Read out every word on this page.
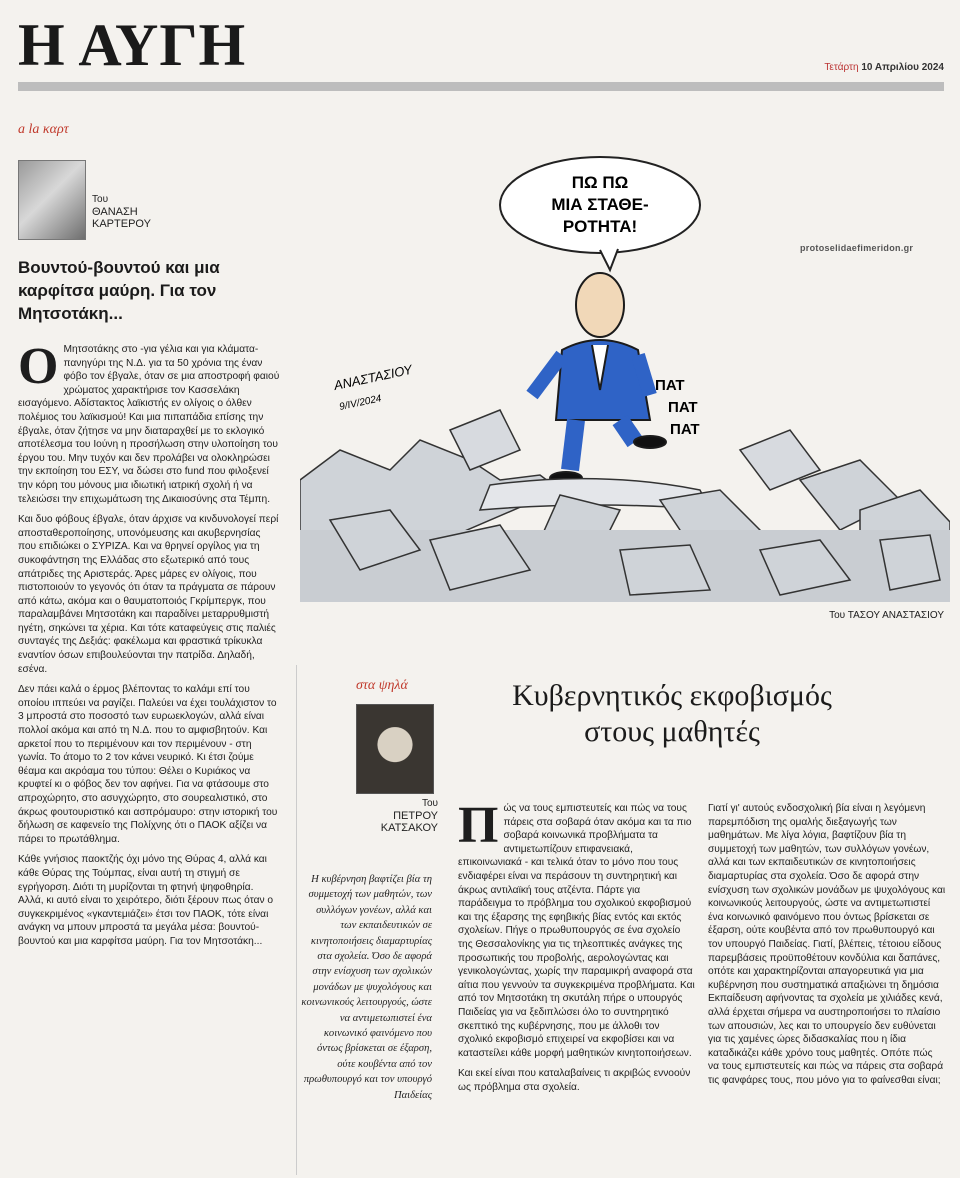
Η ΑΥΓΗ	Τετάρτη 10 Απριλίου 2024
a la καρτ
Του
ΘΑΝΑΣΗ
ΚΑΡΤΕΡΟΥ
Βουντού-βουντού και μια καρφίτσα μαύρη. Για τον Μητσοτάκη...

Ο Μητσοτάκης στο -για γέλια και για κλάματα- πανηγύρι της Ν.Δ. για τα 50 χρόνια της έναν φόβο τον έβγαλε, όταν σε μια αποστροφή φαιού χρώματος χαρακτήρισε τον Κασσελάκη εισαγόμενο. Αδίστακτος λαϊκιστής εν ολίγοις ο όλθεν πολέμιος του λαϊκισμού! Και μια πιπαπάδια επίσης την έβγαλε, όταν ζήτησε να μην διαταραχθεί με το εκλογικό αποτέλεσμα του Ιούνη η προσήλωση στην υλοποίηση του έργου του. Μην τυχόν και δεν προλάβει να ολοκληρώσει την εκποίηση του ΕΣΥ, να δώσει στο fund που φιλοξενεί την κόρη του μόνους μια ιδιωτική ιατρική σχολή ή να τελειώσει την επιχωμάτωση της Δικαιοσύνης στα Τέμπη.

Και δυο φόβους έβγαλε, όταν άρχισε να κινδυνολογεί περί αποσταθεροποίησης, υπονόμευσης και ακυβερνησίας που επιδιώκει ο ΣΥΡΙΖΑ. Και να θρηνεί οργίλος για τη συκοφάντηση της Ελλάδας στο εξωτερικό από τους απάτριδες της Αριστεράς. Άρες μάρες εν ολίγοις, που πιστοποιούν το γεγονός ότι όταν τα πράγματα σε πάρουν από κάτω, ακόμα και ο θαυματοποιός Γκρίμπεργκ, που παραλαμβάνει Μητσοτάκη και παραδίνει μεταρρυθμιστή ηγέτη, σηκώνει τα χέρια. Και τότε καταφεύγεις στις παλιές συνταγές της Δεξιάς: φακέλωμα και φραστικά τρίκυκλα εναντίον όσων επιβουλεύονται την πατρίδα. Δηλαδή, εσένα.

Δεν πάει καλά ο έρμος βλέποντας το καλάμι επί του οποίου ιππεύει να ραγίζει. Παλεύει να έχει τουλάχιστον το 3 μπροστά στο ποσοστό των ευρωεκλογών, αλλά είναι πολλοί ακόμα και από τη Ν.Δ. που το αμφισβητούν. Και αρκετοί που το περιμένουν και τον περιμένουν - στη γωνία. Το άτομο το 2 τον κάνει νευρικό. Κι έτσι ζούμε θέαμα και ακρόαμα του τύπου: Θέλει ο Κυριάκος να κρυφτεί κι ο φόβος δεν τον αφήνει. Για να φτάσουμε στο απροχώρητο, στο ασυγχώρητο, στο σουρεαλιστικό, στο άκρως φουτουριστικό και ασπρόμαυρο: στην ιστορική του δήλωση σε καφενείο της Πολίχνης ότι ο ΠΑΟΚ αξίζει να πάρει το πρωτάθλημα.

Κάθε γνήσιος παοκτζής όχι μόνο της Θύρας 4, αλλά και κάθε Θύρας της Τούμπας, είναι αυτή τη στιγμή σε εγρήγορση. Διότι τη μυρίζονται τη φτηνή ψηφοθηρία. Αλλά, κι αυτό είναι το χειρότερο, διότι ξέρουν πως όταν ο συγκεκριμένος «γκαντεμιάζει» έτσι τον ΠΑΟΚ, τότε είναι ανάγκη να μπουν μπροστά τα μεγάλα μέσα: βουντού-βουντού και μια καρφίτσα μαύρη. Για τον Μητσοτάκη...

protoselidaefimeridon.gr
ΠΩ ΠΩ
ΜΙΑ ΣΤΑΘΕ-
ΡΟΤΗΤΑ!
ΠΑΤ
ΠΑΤ
ΠΑΤ
ΑΝΑΣΤΑΣΙΟΥ
9/IV/2024
Του ΤΑΣΟΥ ΑΝΑΣΤΑΣΙΟΥ
στα ψηλά	Κυβερνητικός εκφοβισμός
στους μαθητές
Του
ΠΕΤΡΟΥ
ΚΑΤΣΑΚΟΥ
Η κυβέρνηση βαφτίζει βία τη συμμετοχή των μαθητών, των συλλόγων γονέων, αλλά και των εκπαιδευτικών σε κινητοποιήσεις διαμαρτυρίας στα σχολεία. Όσο δε αφορά στην ενίσχυση των σχολικών μονάδων με ψυχολόγους και κοινωνικούς λειτουργούς, ώστε να αντιμετωπιστεί ένα κοινωνικό φαινόμενο που όντως βρίσκεται σε έξαρση, ούτε κουβέντα από τον πρωθυπουργό και τον υπουργό Παιδείας

Πώς να τους εμπιστευτείς και πώς να τους πάρεις στα σοβαρά όταν ακόμα και τα πιο σοβαρά κοινωνικά προβλήματα τα αντιμετωπίζουν επιφανειακά, επικοινωνιακά - και τελικά όταν το μόνο που τους ενδιαφέρει είναι να περάσουν τη συντηρητική και άκρως αντιλαϊκή τους ατζέντα. Πάρτε για παράδειγμα το πρόβλημα του σχολικού εκφοβισμού και της έξαρσης της εφηβικής βίας εντός και εκτός σχολείων. Πήγε ο πρωθυπουργός σε ένα σχολείο της Θεσσαλονίκης για τις τηλεοπτικές ανάγκες της προσωπικής του προβολής, αερολογώντας και γενικολογώντας, χωρίς την παραμικρή αναφορά στα αίτια που γεννούν τα συγκεκριμένα προβλήματα. Και από τον Μητσοτάκη τη σκυτάλη πήρε ο υπουργός Παιδείας για να ξεδιπλώσει όλο το συντηρητικό σκεπτικό της κυβέρνησης, που με άλλοθι τον σχολικό εκφοβισμό επιχειρεί να εκφοβίσει και να καταστείλει κάθε μορφή μαθητικών κινητοποιήσεων.

Και εκεί είναι που καταλαβαίνεις τι ακριβώς εννοούν ως πρόβλημα στα σχολεία.

Γιατί γι' αυτούς ενδοσχολική βία είναι η λεγόμενη παρεμπόδιση της ομαλής διεξαγωγής των μαθημάτων. Με λίγα λόγια, βαφτίζουν βία τη συμμετοχή των μαθητών, των συλλόγων γονέων, αλλά και των εκπαιδευτικών σε κινητοποιήσεις διαμαρτυρίας στα σχολεία. Όσο δε αφορά στην ενίσχυση των σχολικών μονάδων με ψυχολόγους και κοινωνικούς λειτουργούς, ώστε να αντιμετωπιστεί ένα κοινωνικό φαινόμενο που όντως βρίσκεται σε έξαρση, ούτε κουβέντα από τον πρωθυπουργό και τον υπουργό Παιδείας. Γιατί, βλέπεις, τέτοιου είδους παρεμβάσεις προϋποθέτουν κονδύλια και δαπάνες, οπότε και χαρακτηρίζονται απαγορευτικά για μια κυβέρνηση που συστηματικά απαξιώνει τη δημόσια Εκπαίδευση αφήνοντας τα σχολεία με χιλιάδες κενά, αλλά έρχεται σήμερα να αυστηροποιήσει το πλαίσιο των απουσιών, λες και το υπουργείο δεν ευθύνεται για τις χαμένες ώρες διδασκαλίας που η ίδια καταδικάζει κάθε χρόνο τους μαθητές. Οπότε πώς να τους εμπιστευτείς και πώς να πάρεις στα σοβαρά τις φανφάρες τους, που μόνο για το φαίνεσθαι είναι;
